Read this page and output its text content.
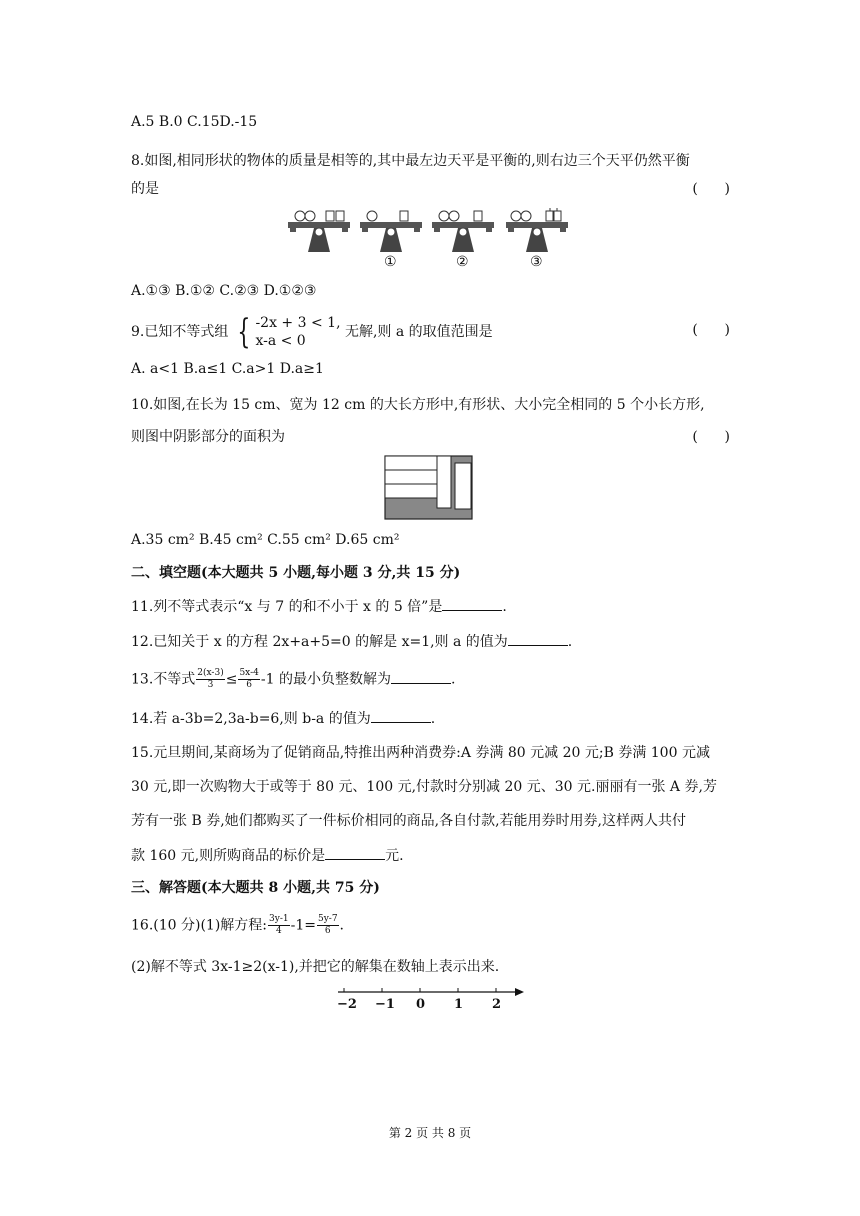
A.5 B.0 C.15D.-15
8.如图,相同形状的物体的质量是相等的,其中最左边天平是平衡的,则右边三个天平仍然平衡
的是	(      )
①	②	③
A.①③ B.①② C.②③ D.①②③
9.已知不等式组 { -2x + 3 < 1,
x-a < 0
无解,则 a 的取值范围是	(      )
A. a<1 B.a≤1 C.a>1 D.a≥1
10.如图,在长为 15 cm、宽为 12 cm 的大长方形中,有形状、大小完全相同的 5 个小长方形,
则图中阴影部分的面积为	(      )
A.35 cm² B.45 cm² C.55 cm² D.65 cm²
二、填空题(本大题共 5 小题,每小题 3 分,共 15 分)
11.列不等式表示“x 与 7 的和不小于 x 的 5 倍”是	.
12.已知关于 x 的方程 2x+a+5=0 的解是 x=1,则 a 的值为	.
13.不等式 $\frac{2(x-3)}{3} \le \frac{5x-4}{6} -1$ 的最小负整数解为	.
14.若 a-3b=2,3a-b=6,则 b-a 的值为	.
15.元旦期间,某商场为了促销商品,特推出两种消费券:A 券满 80 元减 20 元;B 券满 100 元减
30 元,即一次购物大于或等于 80 元、100 元,付款时分别减 20 元、30 元.丽丽有一张 A 券,芳
芳有一张 B 券,她们都购买了一件标价相同的商品,各自付款,若能用券时用券,这样两人共付
款 160 元,则所购商品的标价是	元.
三、解答题(本大题共 8 小题,共 75 分)
16.(10 分)(1)解方程: $\frac{3y-1}{4} -1= \frac{5y-7}{6}$ .
(2)解不等式 3x-1≥2(x-1),并把它的解集在数轴上表示出来.
−2 −1 0 1 2
第 2 页 共 8 页
